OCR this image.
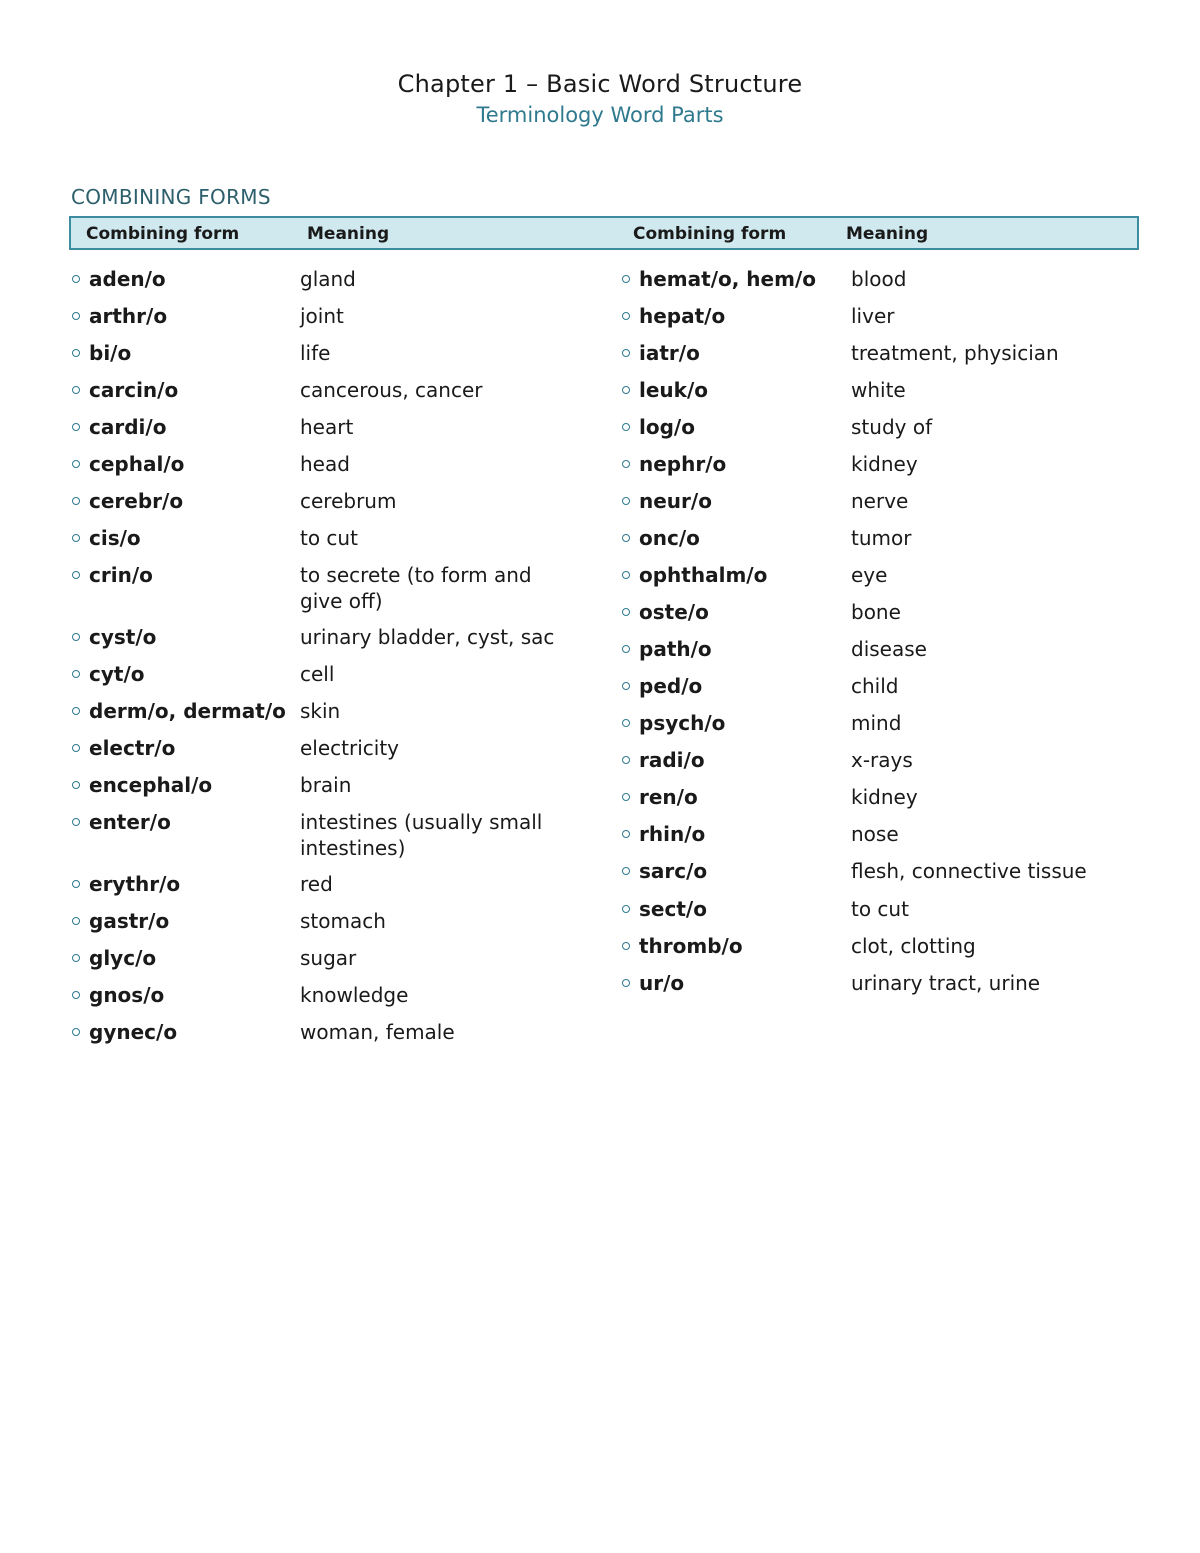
Chapter 1 – Basic Word Structure
Terminology Word Parts
COMBINING FORMS
Combining form	Meaning	Combining form	Meaning
aden/o	gland
arthr/o	joint
bi/o	life
carcin/o	cancerous, cancer
cardi/o	heart
cephal/o	head
cerebr/o	cerebrum
cis/o	to cut
crin/o	to secrete (to form and give off)
cyst/o	urinary bladder, cyst, sac
cyt/o	cell
derm/o, dermat/o skin
electr/o	electricity
encephal/o	brain
enter/o	intestines (usually small intestines)
erythr/o	red
gastr/o	stomach
glyc/o	sugar
gnos/o	knowledge
gynec/o	woman, female
hemat/o, hem/o blood
hepat/o	liver
iatr/o	treatment, physician
leuk/o	white
log/o	study of
nephr/o	kidney
neur/o	nerve
onc/o	tumor
ophthalm/o	eye
oste/o	bone
path/o	disease
ped/o	child
psych/o	mind
radi/o	x-rays
ren/o	kidney
rhin/o	nose
sarc/o	flesh, connective tissue
sect/o	to cut
thromb/o	clot, clotting
ur/o	urinary tract, urine
